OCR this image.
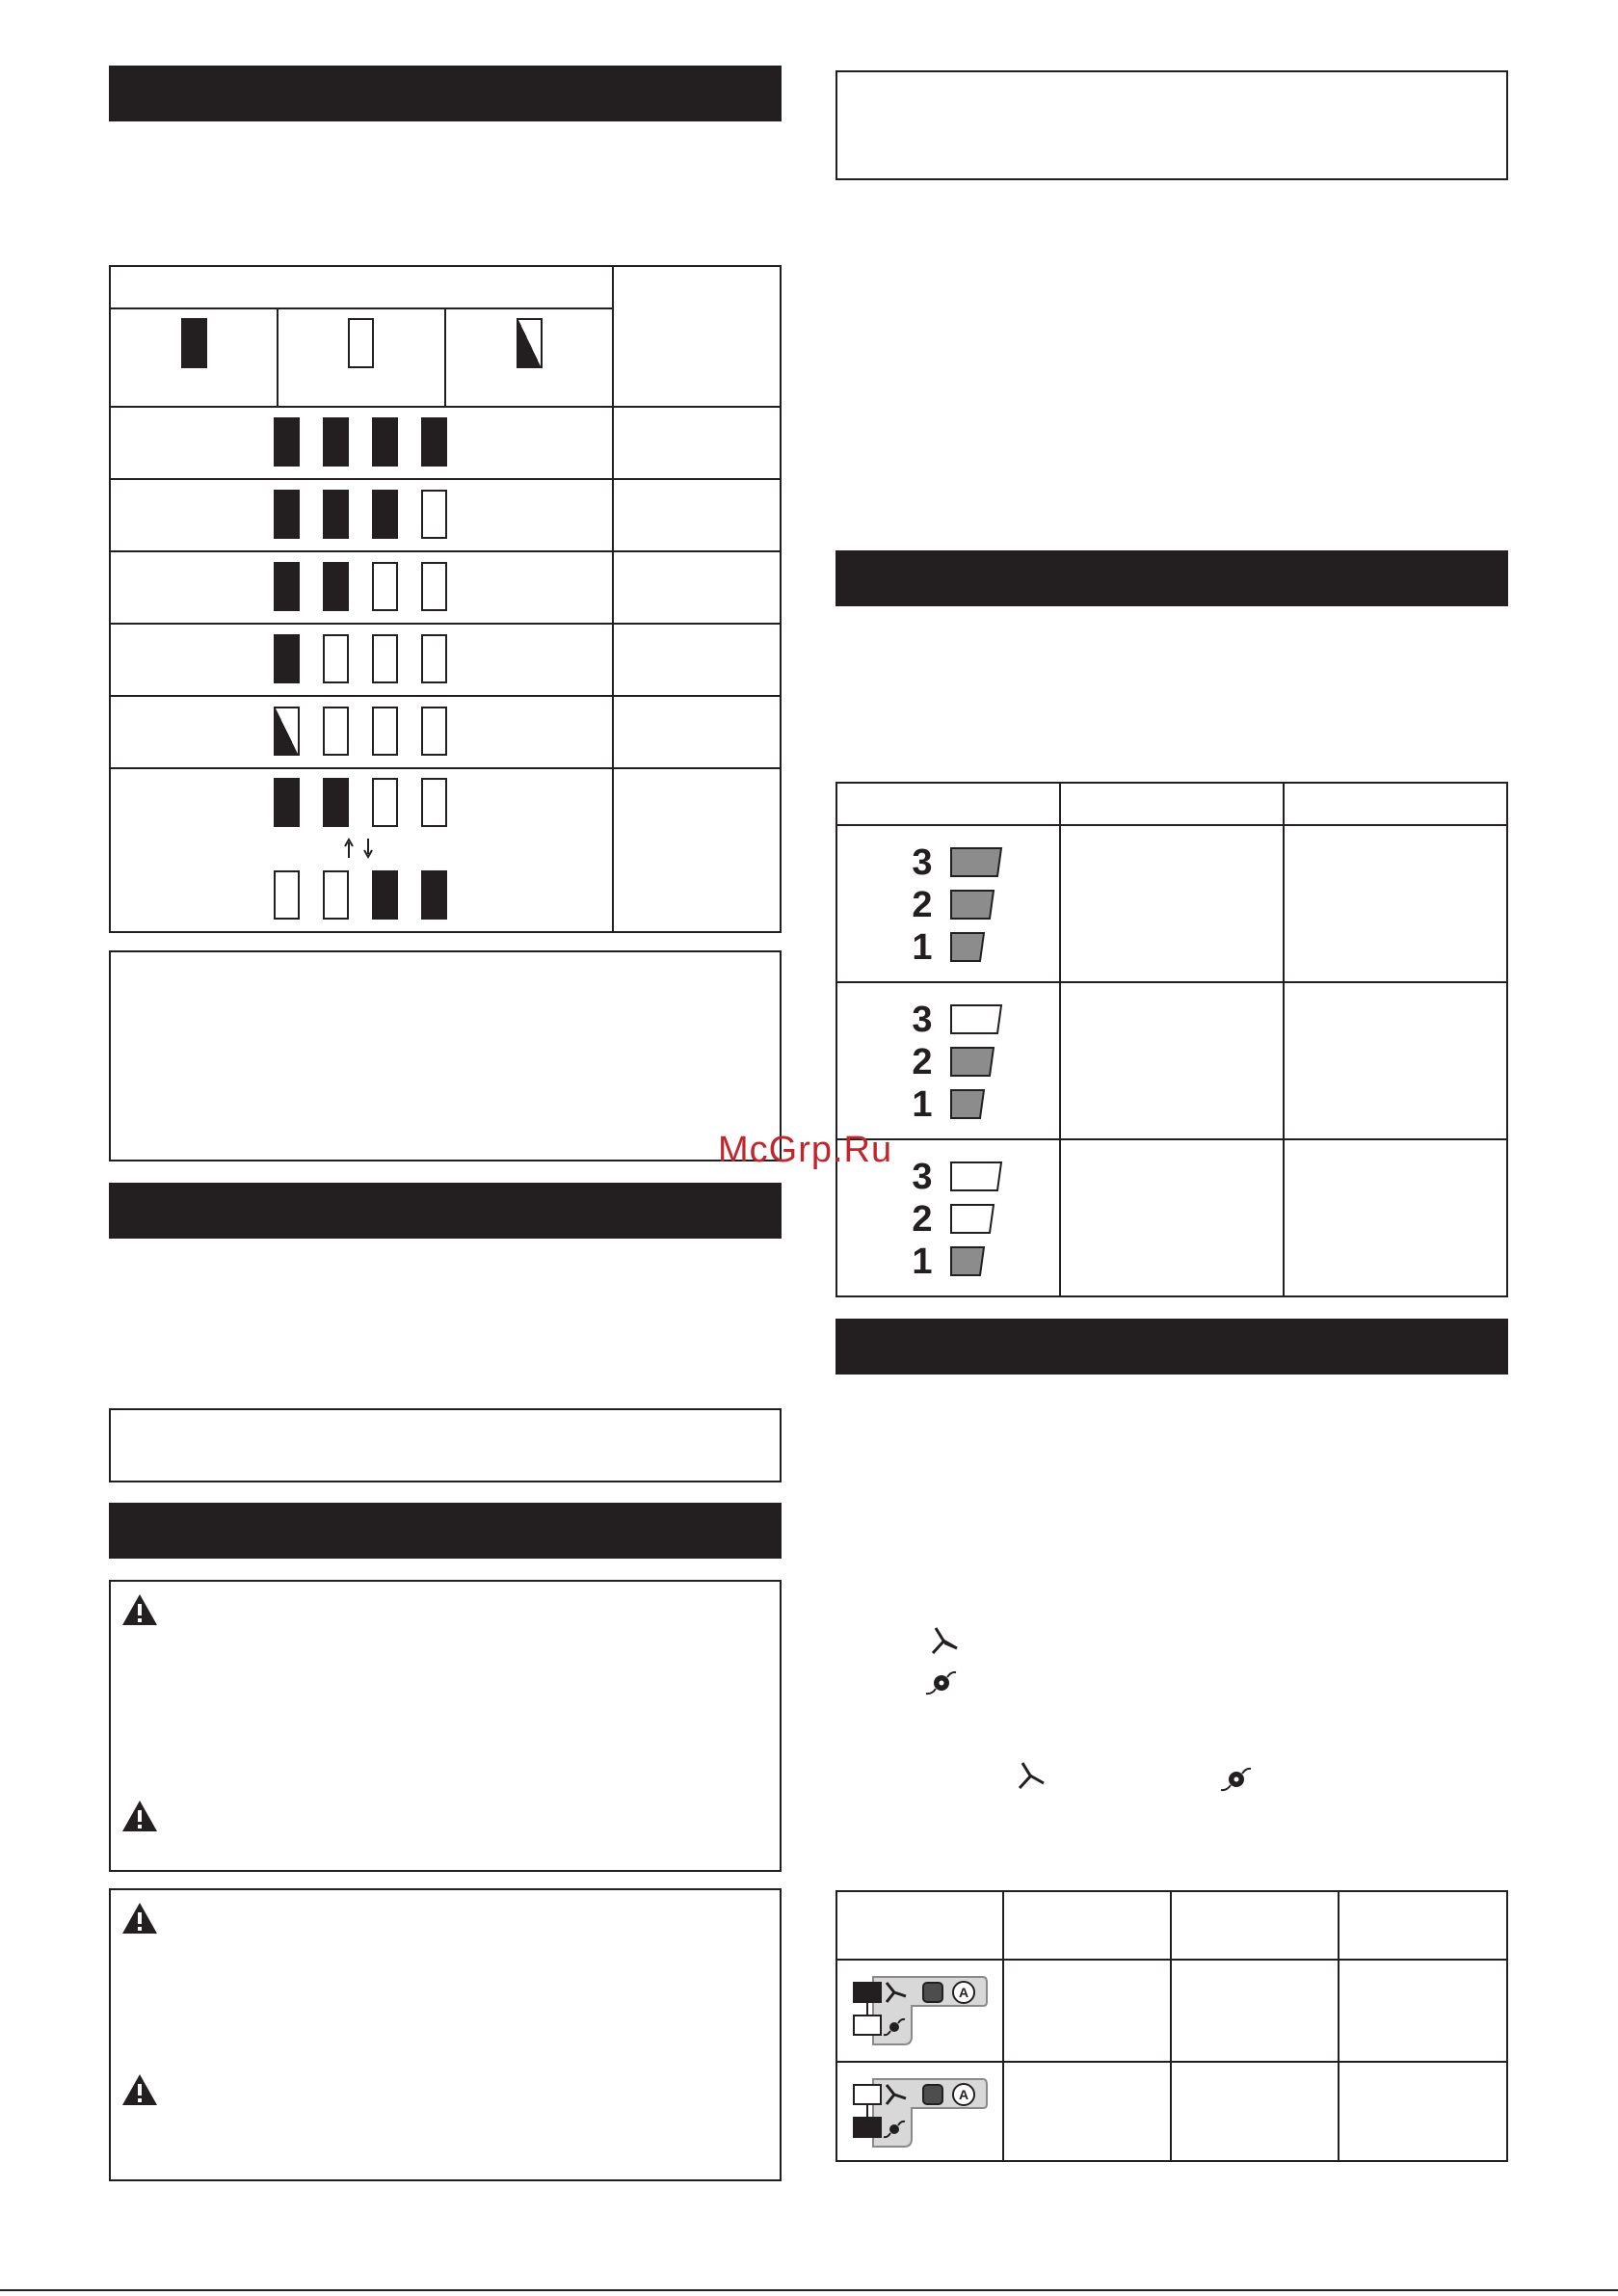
3
2
1
3
2
1
3
2
1
A
A
McGrp.Ru
